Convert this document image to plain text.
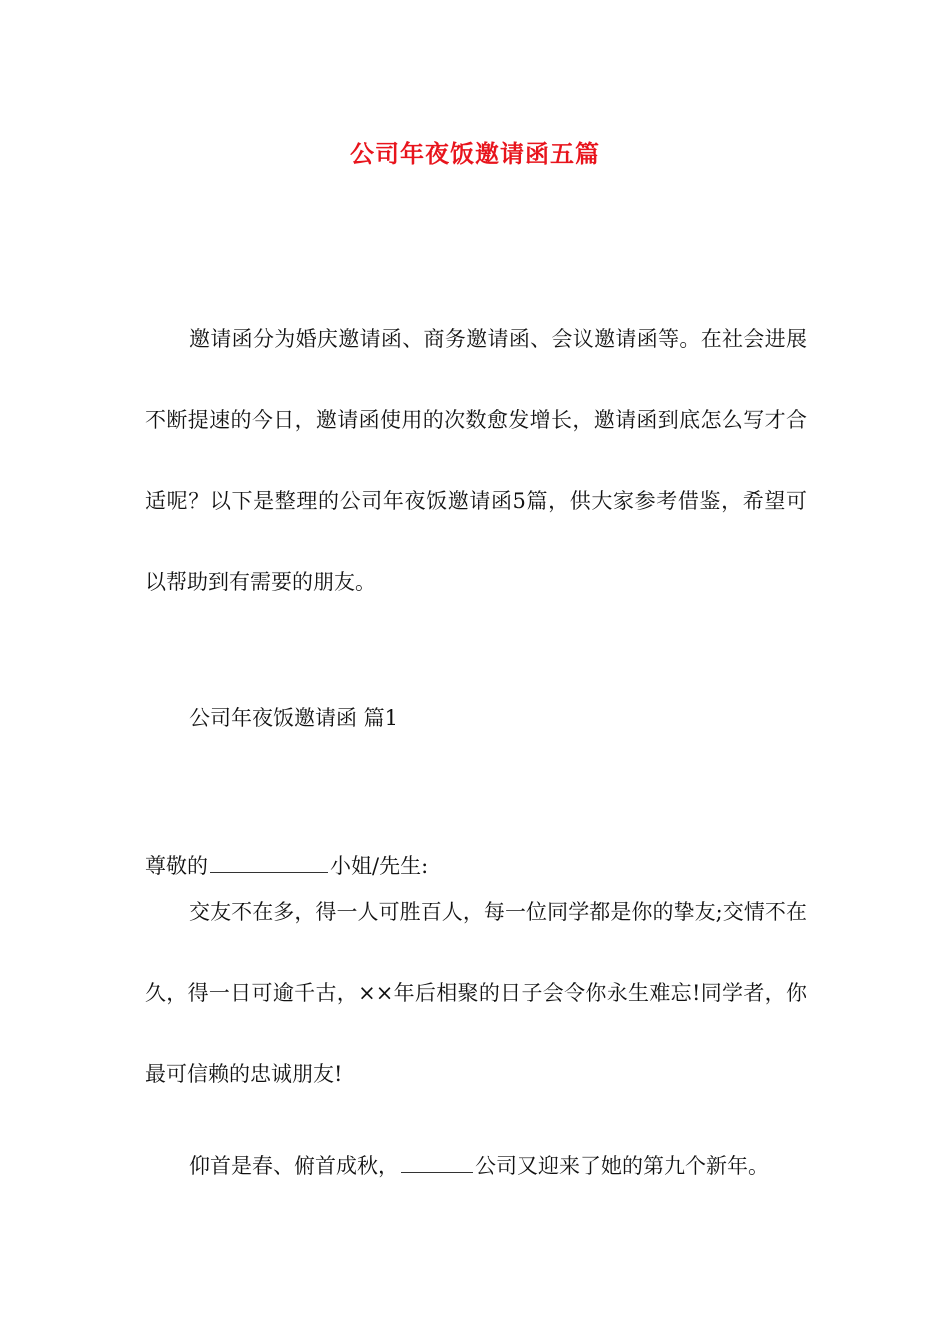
公司年夜饭邀请函五篇

邀请函分为婚庆邀请函、商务邀请函、会议邀请函等。在社会进展不断提速的今日，邀请函使用的次数愈发增长，邀请函到底怎么写才合适呢？以下是整理的公司年夜饭邀请函5篇，供大家参考借鉴，希望可以帮助到有需要的朋友。

公司年夜饭邀请函 篇1

尊敬的	小姐/先生:

交友不在多，得一人可胜百人，每一位同学都是你的挚友;交情不在久，得一日可逾千古，××年后相聚的日子会令你永生难忘!同学者，你最可信赖的忠诚朋友!

仰首是春、俯首成秋，	公司又迎来了她的第九个新年。
